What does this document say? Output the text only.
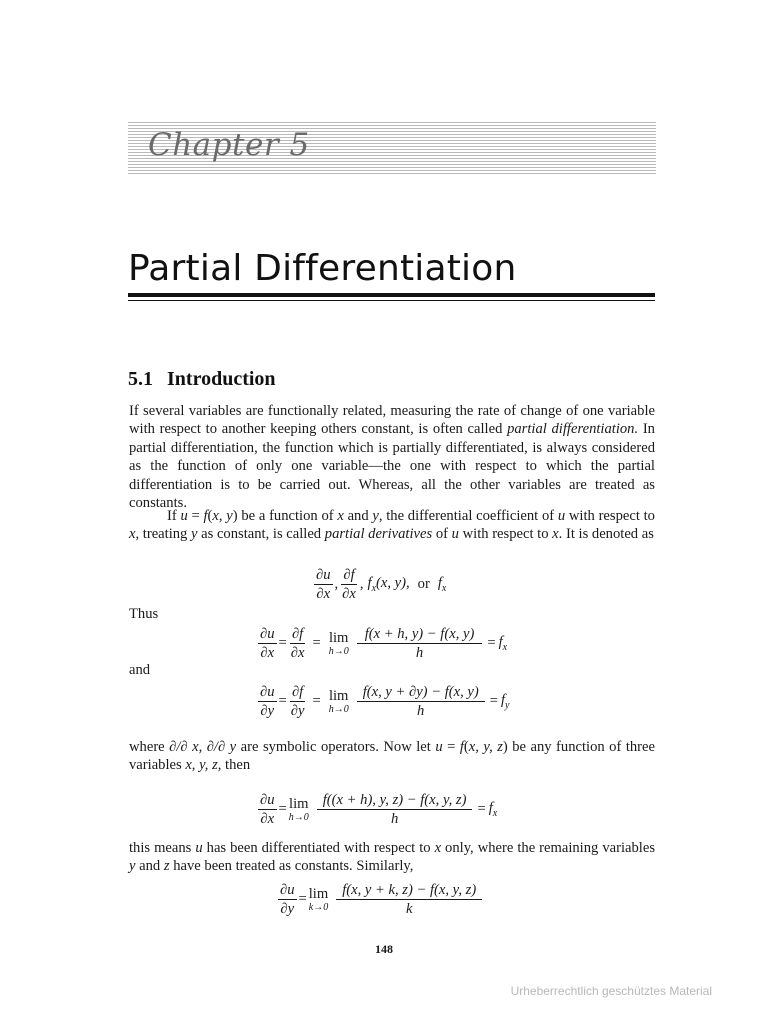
Chapter 5
Partial Differentiation
5.1 Introduction
If several variables are functionally related, measuring the rate of change of one variable with respect to another keeping others constant, is often called partial differentiation. In partial differentiation, the function which is partially differentiated, is always considered as the function of only one variable—the one with respect to which the partial differentiation is to be carried out. Whereas, all the other variables are treated as constants.
If u = f(x, y) be a function of x and y, the differential coefficient of u with respect to x, treating y as constant, is called partial derivatives of u with respect to x. It is denoted as
$\frac{\partial u}{\partial x}$ , $\frac{\partial f}{\partial x}$ , $f_x(x$, y), or $f_x$
Thus
$\frac{\partial u}{\partial x} = \frac{\partial f}{\partial x} = \lim$
$h\to 0 \frac{f(x + h, y) - f(x, y)}{h} = f_x$
and
$\frac{\partial u}{\partial y} = \frac{\partial f}{\partial y} = \lim$
$h\to 0 \frac{f(x, y + \partial y) - f(x, y)}{h} = f_y$
where ∂/∂ x, ∂/∂ y are symbolic operators. Now let u = f(x, y, z) be any function of three variables x, y, z, then
$\frac{\partial u}{\partial x} = \lim$
$h\to 0 \frac{f((x + h), y, z) - f(x, y, z)}{h} = f_x$
this means u has been differentiated with respect to x only, where the remaining variables y and z have been treated as constants. Similarly,
$\frac{\partial u}{\partial y} = \lim$
$k\to 0 \frac{f(x, y + k, z) - f(x, y, z)}{k}$
148
Urheberrechtlich geschütztes Material
